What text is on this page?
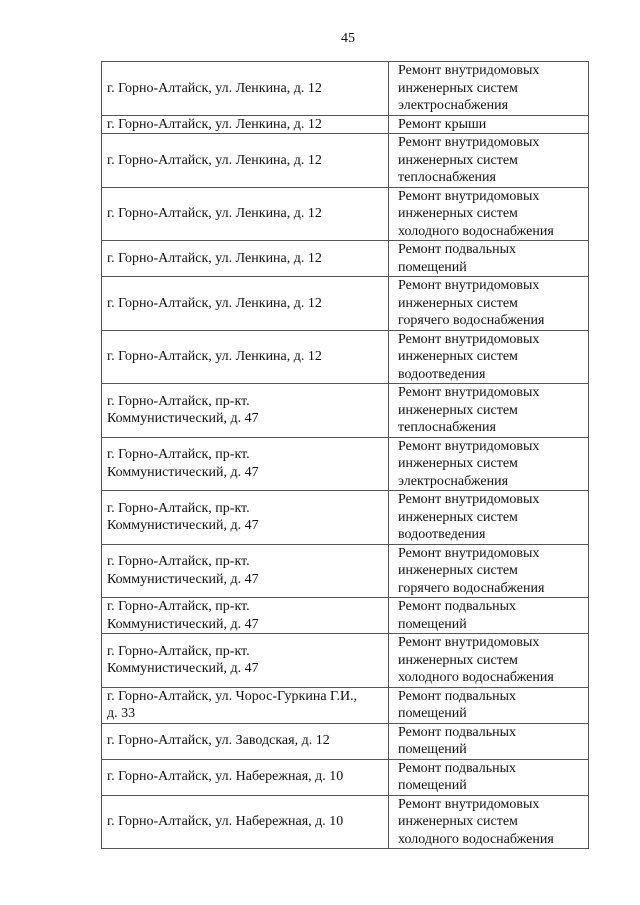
45
г. Горно-Алтайск, ул. Ленкина, д. 12	Ремонт внутридомовых
инженерных систем
электроснабжения

г. Горно-Алтайск, ул. Ленкина, д. 12	Ремонт крыши

г. Горно-Алтайск, ул. Ленкина, д. 12	Ремонт внутридомовых
инженерных систем
теплоснабжения

г. Горно-Алтайск, ул. Ленкина, д. 12	Ремонт внутридомовых
инженерных систем
холодного водоснабжения

г. Горно-Алтайск, ул. Ленкина, д. 12	Ремонт подвальных
помещений

г. Горно-Алтайск, ул. Ленкина, д. 12	Ремонт внутридомовых
инженерных систем
горячего водоснабжения

г. Горно-Алтайск, ул. Ленкина, д. 12	Ремонт внутридомовых
инженерных систем
водоотведения

г. Горно-Алтайск, пр-кт.
Коммунистический, д. 47	Ремонт внутридомовых
инженерных систем
теплоснабжения

г. Горно-Алтайск, пр-кт.
Коммунистический, д. 47	Ремонт внутридомовых
инженерных систем
электроснабжения

г. Горно-Алтайск, пр-кт.
Коммунистический, д. 47	Ремонт внутридомовых
инженерных систем
водоотведения

г. Горно-Алтайск, пр-кт.
Коммунистический, д. 47	Ремонт внутридомовых
инженерных систем
горячего водоснабжения

г. Горно-Алтайск, пр-кт.
Коммунистический, д. 47	Ремонт подвальных
помещений

г. Горно-Алтайск, пр-кт.
Коммунистический, д. 47	Ремонт внутридомовых
инженерных систем
холодного водоснабжения

г. Горно-Алтайск, ул. Чорос-Гуркина Г.И.,
д. 33	Ремонт подвальных
помещений

г. Горно-Алтайск, ул. Заводская, д. 12	Ремонт подвальных
помещений

г. Горно-Алтайск, ул. Набережная, д. 10	Ремонт подвальных
помещений

г. Горно-Алтайск, ул. Набережная, д. 10	Ремонт внутридомовых
инженерных систем
холодного водоснабжения
